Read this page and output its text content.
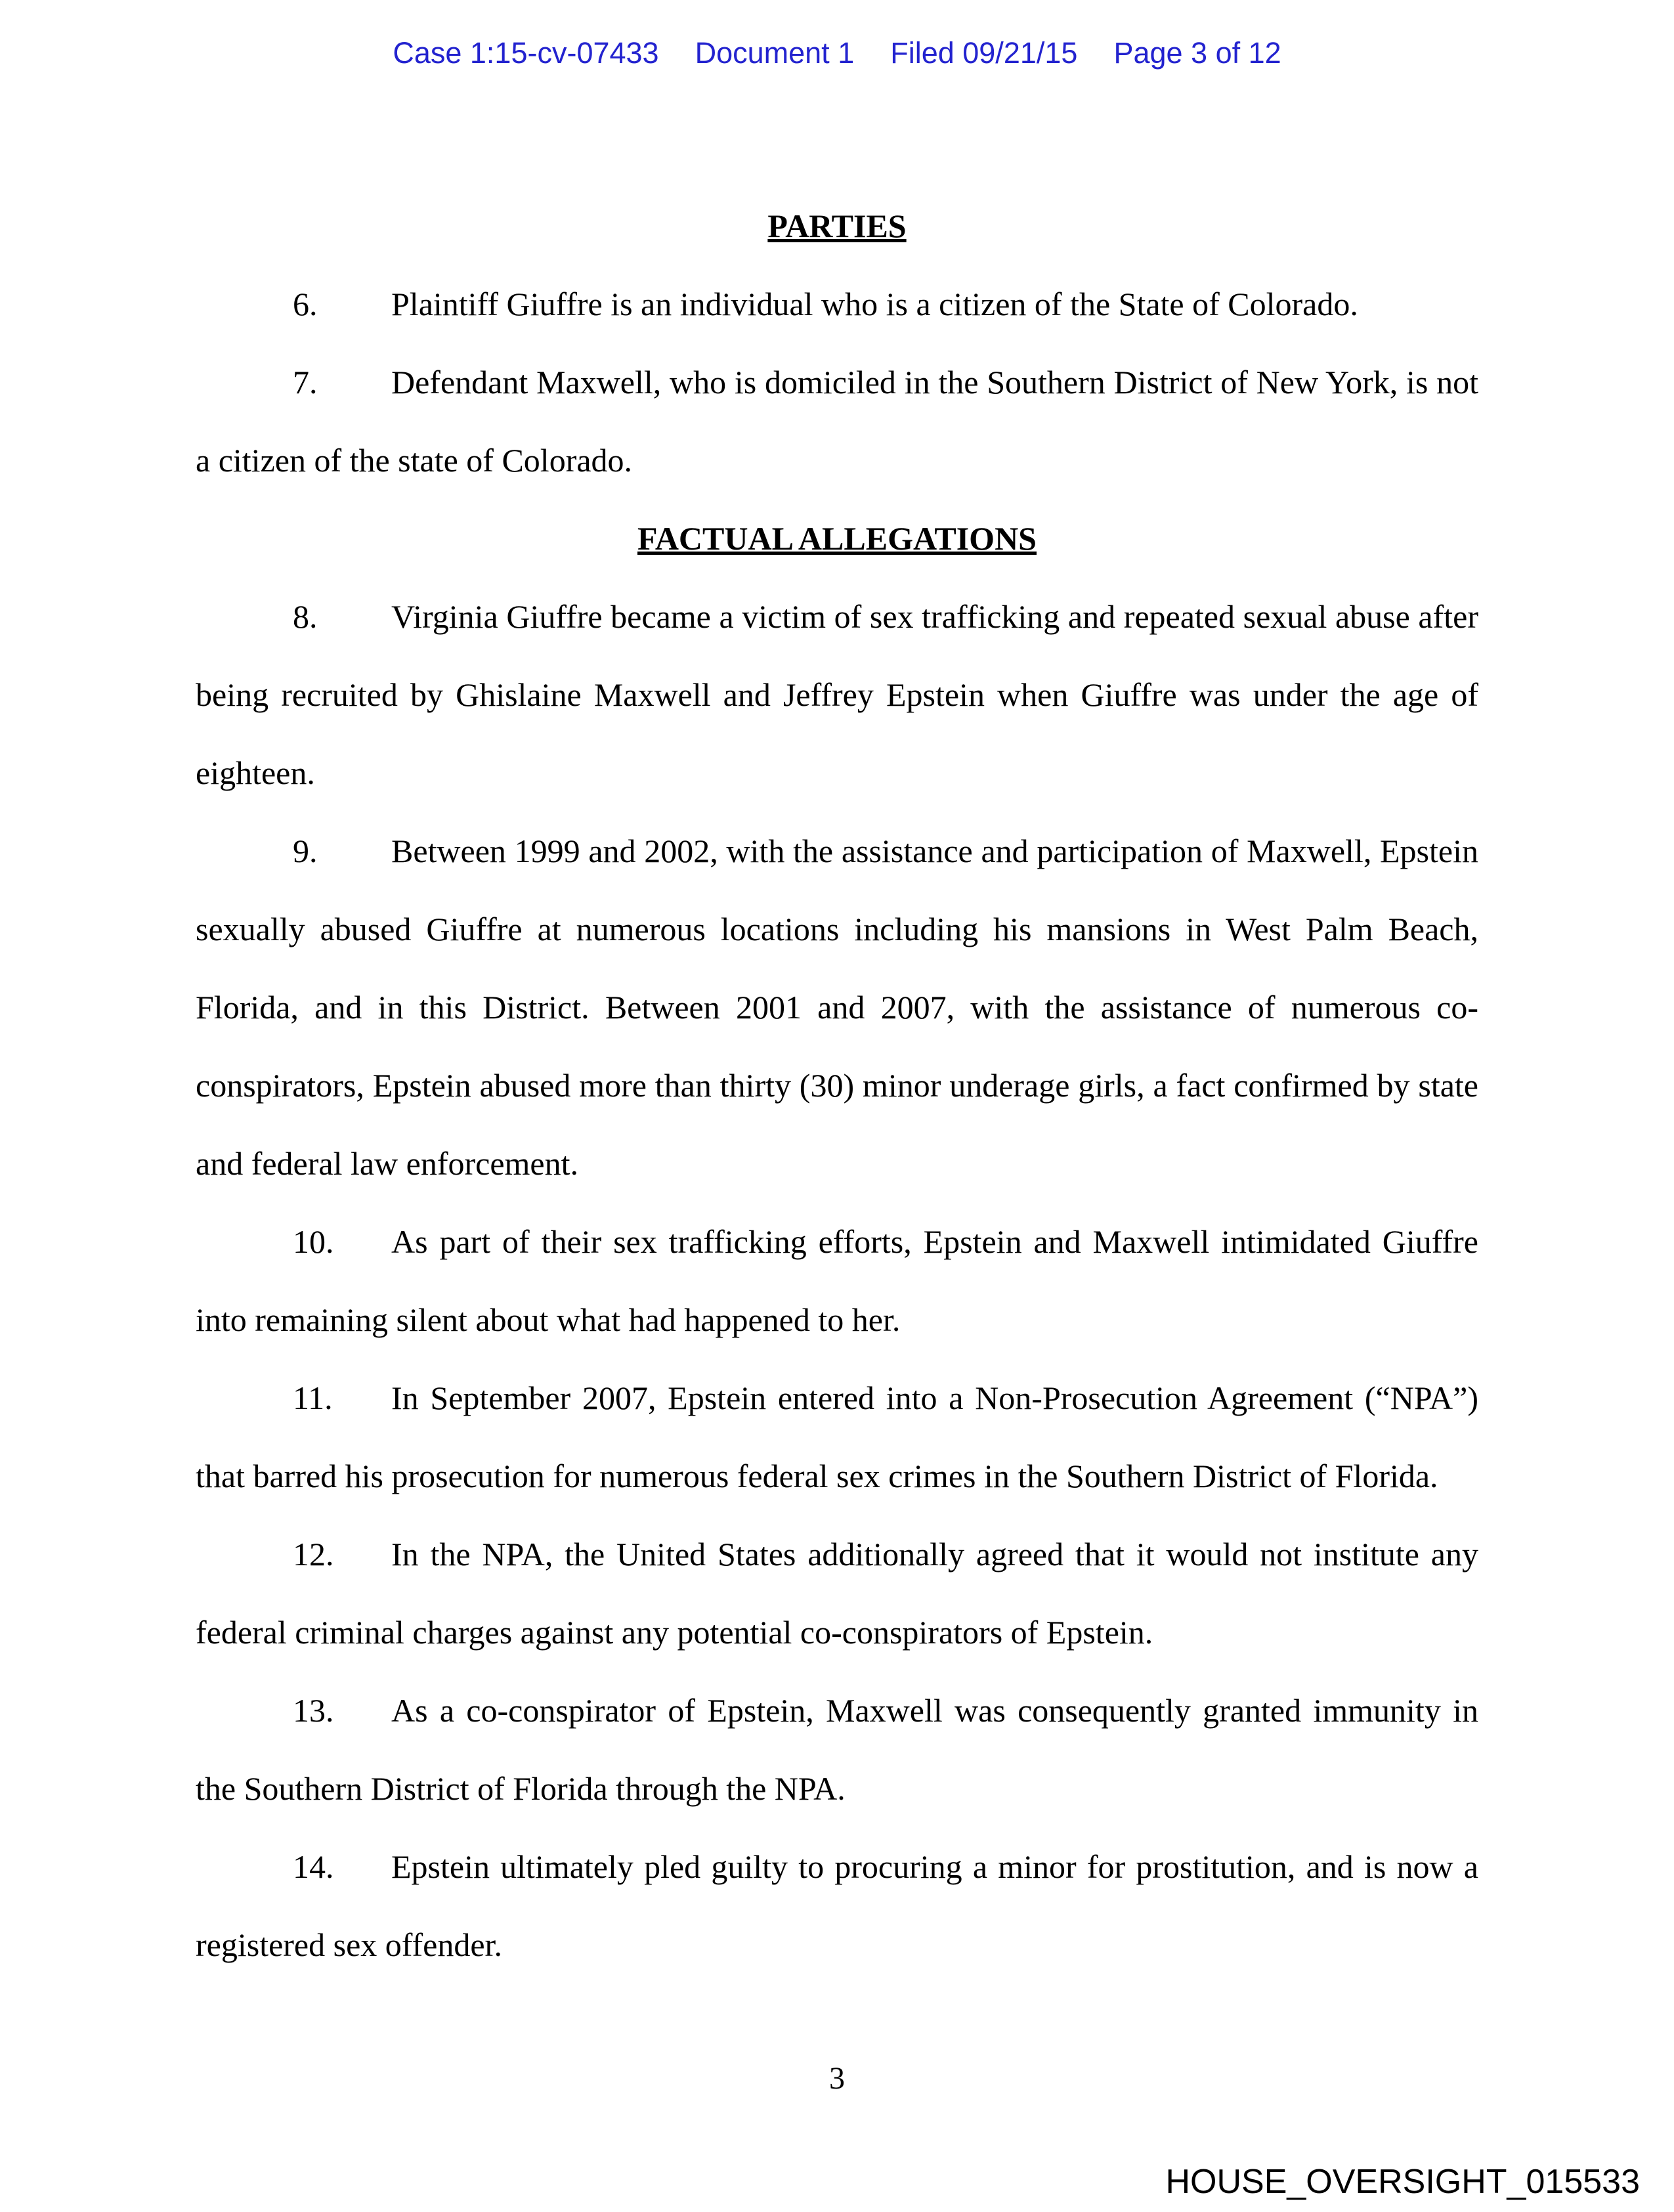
Case 1:15-cv-07433 Document 1 Filed 09/21/15 Page 3 of 12
PARTIES

6. Plaintiff Giuffre is an individual who is a citizen of the State of Colorado.

7. Defendant Maxwell, who is domiciled in the Southern District of New York, is not a citizen of the state of Colorado.

FACTUAL ALLEGATIONS

8. Virginia Giuffre became a victim of sex trafficking and repeated sexual abuse after being recruited by Ghislaine Maxwell and Jeffrey Epstein when Giuffre was under the age of eighteen.

9. Between 1999 and 2002, with the assistance and participation of Maxwell, Epstein sexually abused Giuffre at numerous locations including his mansions in West Palm Beach, Florida, and in this District. Between 2001 and 2007, with the assistance of numerous co-conspirators, Epstein abused more than thirty (30) minor underage girls, a fact confirmed by state and federal law enforcement.

10. As part of their sex trafficking efforts, Epstein and Maxwell intimidated Giuffre into remaining silent about what had happened to her.

11. In September 2007, Epstein entered into a Non-Prosecution Agreement (“NPA”) that barred his prosecution for numerous federal sex crimes in the Southern District of Florida.

12. In the NPA, the United States additionally agreed that it would not institute any federal criminal charges against any potential co-conspirators of Epstein.

13. As a co-conspirator of Epstein, Maxwell was consequently granted immunity in the Southern District of Florida through the NPA.

14. Epstein ultimately pled guilty to procuring a minor for prostitution, and is now a registered sex offender.

3
HOUSE_OVERSIGHT_015533
